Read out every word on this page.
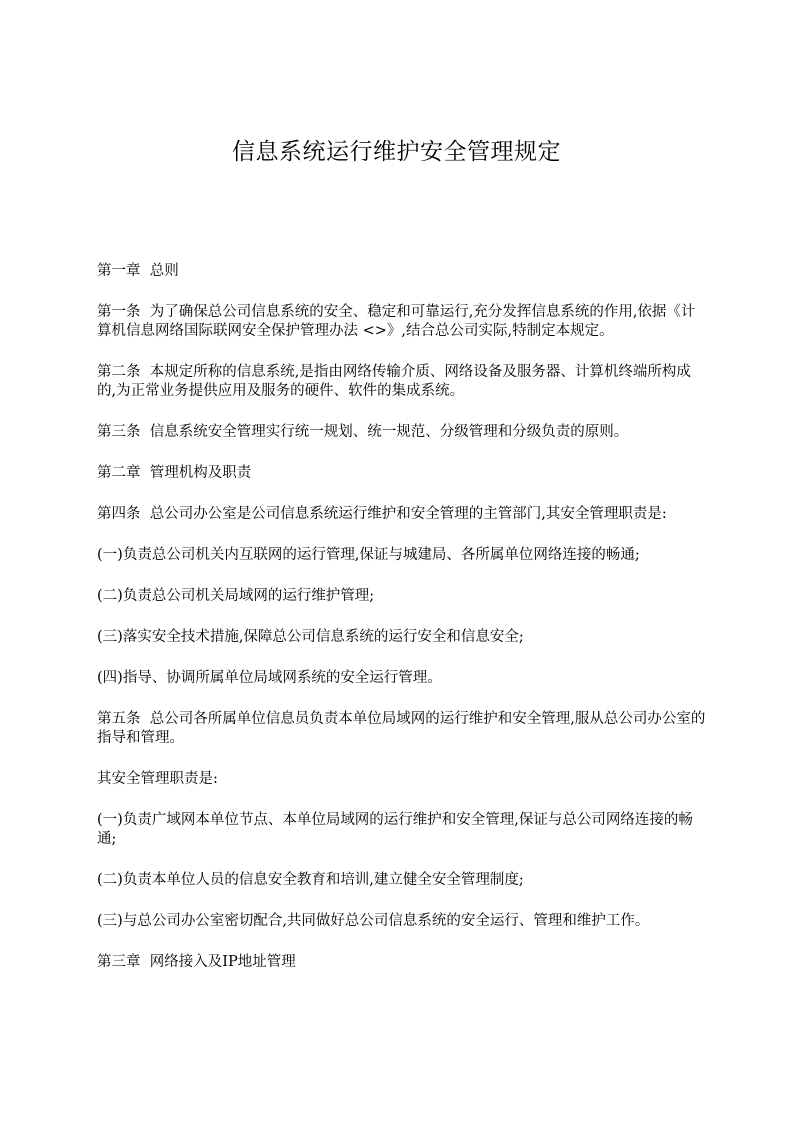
信息系统运行维护安全管理规定

第一章  总则

第一条  为了确保总公司信息系统的安全、稳定和可靠运行,充分发挥信息系统的作用,依据《计算机信息网络国际联网安全保护管理办法 <>》,结合总公司实际,特制定本规定。

第二条  本规定所称的信息系统,是指由网络传输介质、网络设备及服务器、计算机终端所构成的,为正常业务提供应用及服务的硬件、软件的集成系统。

第三条  信息系统安全管理实行统一规划、统一规范、分级管理和分级负责的原则。

第二章  管理机构及职责

第四条  总公司办公室是公司信息系统运行维护和安全管理的主管部门,其安全管理职责是:

(一)负责总公司机关内互联网的运行管理,保证与城建局、各所属单位网络连接的畅通;

(二)负责总公司机关局域网的运行维护管理;

(三)落实安全技术措施,保障总公司信息系统的运行安全和信息安全;

(四)指导、协调所属单位局域网系统的安全运行管理。

第五条  总公司各所属单位信息员负责本单位局域网的运行维护和安全管理,服从总公司办公室的指导和管理。

其安全管理职责是:

(一)负责广域网本单位节点、本单位局域网的运行维护和安全管理,保证与总公司网络连接的畅通;

(二)负责本单位人员的信息安全教育和培训,建立健全安全管理制度;

(三)与总公司办公室密切配合,共同做好总公司信息系统的安全运行、管理和维护工作。

第三章  网络接入及IP地址管理
